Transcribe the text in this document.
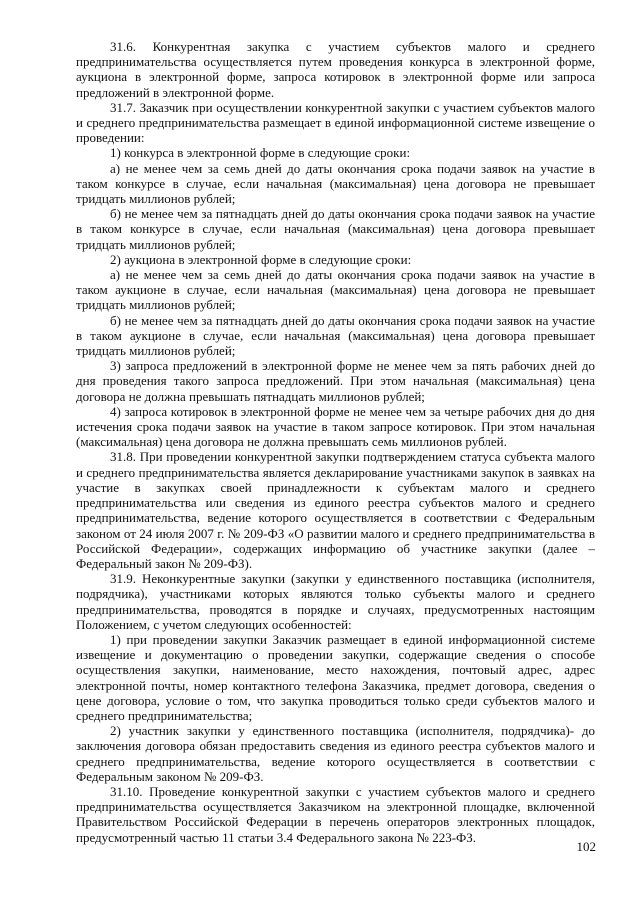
31.6. Конкурентная закупка с участием субъектов малого и среднего предпринимательства осуществляется путем проведения конкурса в электронной форме, аукциона в электронной форме, запроса котировок в электронной форме или запроса предложений в электронной форме.

31.7. Заказчик при осуществлении конкурентной закупки с участием субъектов малого и среднего предпринимательства размещает в единой информационной системе извещение о проведении:

1) конкурса в электронной форме в следующие сроки:

а) не менее чем за семь дней до даты окончания срока подачи заявок на участие в таком конкурсе в случае, если начальная (максимальная) цена договора не превышает тридцать миллионов рублей;

б) не менее чем за пятнадцать дней до даты окончания срока подачи заявок на участие в таком конкурсе в случае, если начальная (максимальная) цена договора превышает тридцать миллионов рублей;

2) аукциона в электронной форме в следующие сроки:

а) не менее чем за семь дней до даты окончания срока подачи заявок на участие в таком аукционе в случае, если начальная (максимальная) цена договора не превышает тридцать миллионов рублей;

б) не менее чем за пятнадцать дней до даты окончания срока подачи заявок на участие в таком аукционе в случае, если начальная (максимальная) цена договора превышает тридцать миллионов рублей;

3) запроса предложений в электронной форме не менее чем за пять рабочих дней до дня проведения такого запроса предложений. При этом начальная (максимальная) цена договора не должна превышать пятнадцать миллионов рублей;

4) запроса котировок в электронной форме не менее чем за четыре рабочих дня до дня истечения срока подачи заявок на участие в таком запросе котировок. При этом начальная (максимальная) цена договора не должна превышать семь миллионов рублей.

31.8. При проведении конкурентной закупки подтверждением статуса субъекта малого и среднего предпринимательства является декларирование участниками закупок в заявках на участие в закупках своей принадлежности к субъектам малого и среднего предпринимательства или сведения из единого реестра субъектов малого и среднего предпринимательства, ведение которого осуществляется в соответствии с Федеральным законом от 24 июля 2007 г. № 209-ФЗ «О развитии малого и среднего предпринимательства в Российской Федерации», содержащих информацию об участнике закупки (далее – Федеральный закон № 209-ФЗ).

31.9. Неконкурентные закупки (закупки у единственного поставщика (исполнителя, подрядчика), участниками которых являются только субъекты малого и среднего предпринимательства, проводятся в порядке и случаях, предусмотренных настоящим Положением, с учетом следующих особенностей:

1) при проведении закупки Заказчик размещает в единой информационной системе извещение и документацию о проведении закупки, содержащие сведения о способе осуществления закупки, наименование, место нахождения, почтовый адрес, адрес электронной почты, номер контактного телефона Заказчика, предмет договора, сведения о цене договора, условие о том, что закупка проводиться только среди субъектов малого и среднего предпринимательства;

2) участник закупки у единственного поставщика (исполнителя, подрядчика)- до заключения договора обязан предоставить сведения из единого реестра субъектов малого и среднего предпринимательства, ведение которого осуществляется в соответствии с Федеральным законом № 209-ФЗ.

31.10. Проведение конкурентной закупки с участием субъектов малого и среднего предпринимательства осуществляется Заказчиком на электронной площадке, включенной Правительством Российской Федерации в перечень операторов электронных площадок, предусмотренный частью 11 статьи 3.4 Федерального закона № 223-ФЗ.

102
